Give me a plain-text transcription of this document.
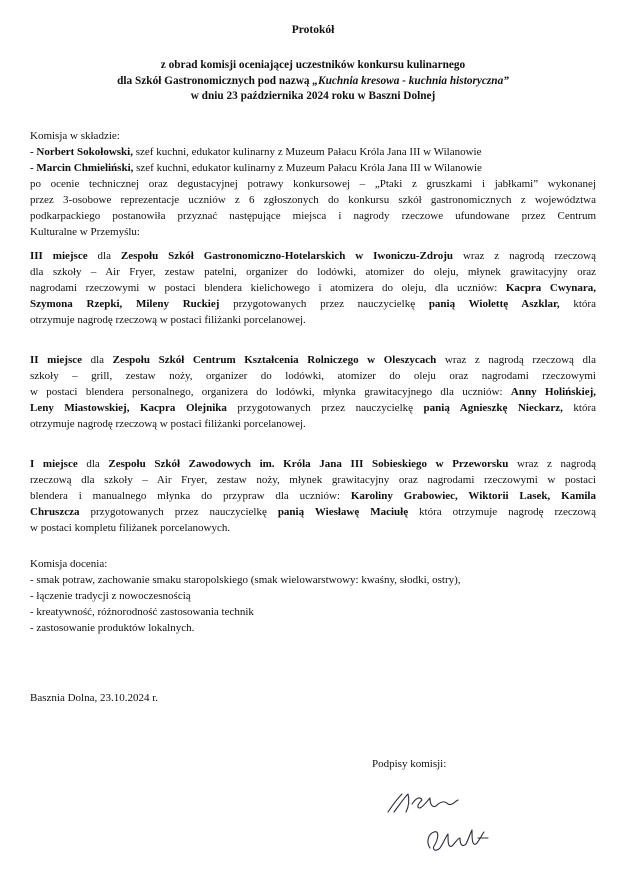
Protokół
z obrad komisji oceniającej uczestników konkursu kulinarnego
dla Szkół Gastronomicznych pod nazwą „Kuchnia kresowa - kuchnia historyczna”
w dniu 23 października 2024 roku w Baszni Dolnej
Komisja w składzie:
- Norbert Sokołowski, szef kuchni, edukator kulinarny z Muzeum Pałacu Króla Jana III w Wilanowie
- Marcin Chmieliński, szef kuchni, edukator kulinarny z Muzeum Pałacu Króla Jana III w Wilanowie
po ocenie technicznej oraz degustacyjnej potrawy konkursowej – „Ptaki z gruszkami i jabłkami” wykonanej
przez 3-osobowe reprezentacje uczniów z 6 zgłoszonych do konkursu szkół gastronomicznych z województwa
podkarpackiego postanowiła przyznać następujące miejsca i nagrody rzeczowe ufundowane przez Centrum
Kulturalne w Przemyślu:
III miejsce dla Zespołu Szkół Gastronomiczno-Hotelarskich w Iwoniczu-Zdroju wraz z nagrodą rzeczową
dla szkoły – Air Fryer, zestaw patelni, organizer do lodówki, atomizer do oleju, młynek grawitacyjny oraz
nagrodami rzeczowymi w postaci blendera kielichowego i atomizera do oleju, dla uczniów: Kacpra Cwynara,
Szymona Rzepki, Mileny Ruckiej przygotowanych przez nauczycielkę panią Wiolettę Aszklar, która
otrzymuje nagrodę rzeczową w postaci filiżanki porcelanowej.
II miejsce dla Zespołu Szkół Centrum Kształcenia Rolniczego w Oleszycach wraz z nagrodą rzeczową dla
szkoły – grill, zestaw noży, organizer do lodówki, atomizer do oleju oraz nagrodami rzeczowymi
w postaci blendera personalnego, organizera do lodówki, młynka grawitacyjnego dla uczniów: Anny Holińskiej,
Leny Miastowskiej, Kacpra Olejnika przygotowanych przez nauczycielkę panią Agnieszkę Nieckarz, która
otrzymuje nagrodę rzeczową w postaci filiżanki porcelanowej.
I miejsce dla Zespołu Szkół Zawodowych im. Króla Jana III Sobieskiego w Przeworsku wraz z nagrodą
rzeczową dla szkoły – Air Fryer, zestaw noży, młynek grawitacyjny oraz nagrodami rzeczowymi w postaci
blendera i manualnego młynka do przypraw dla uczniów: Karoliny Grabowiec, Wiktorii Lasek, Kamila
Chruszcza przygotowanych przez nauczycielkę panią Wiesławę Maciułę która otrzymuje nagrodę rzeczową
w postaci kompletu filiżanek porcelanowych.
Komisja docenia:
- smak potraw, zachowanie smaku staropolskiego (smak wielowarstwowy: kwaśny, słodki, ostry),
- łączenie tradycji z nowoczesnością
- kreatywność, różnorodność zastosowania technik
- zastosowanie produktów lokalnych.
Basznia Dolna, 23.10.2024 r.
Podpisy komisji:
